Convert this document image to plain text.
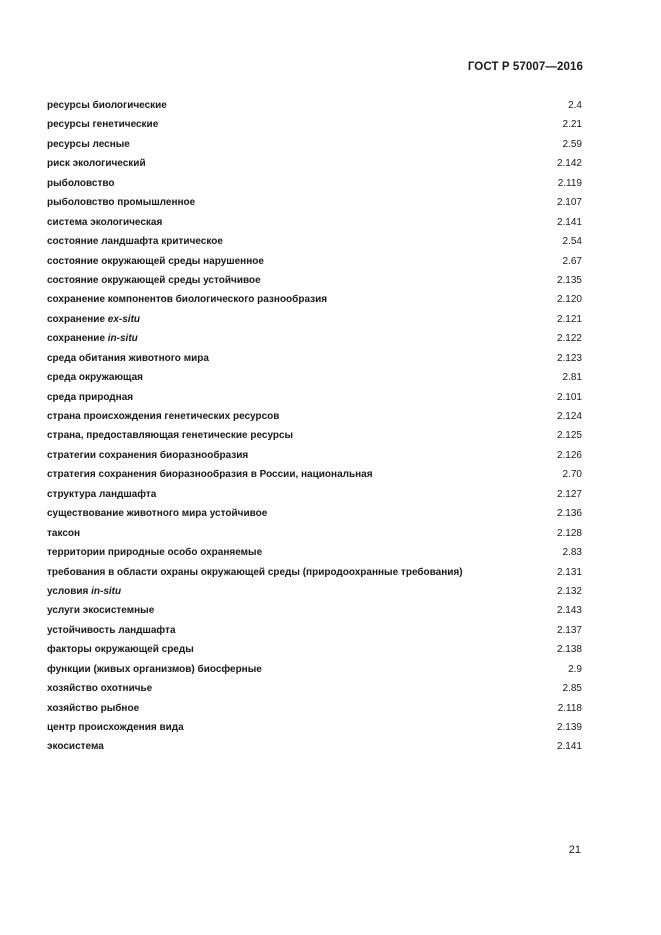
ГОСТ Р 57007—2016
ресурсы биологические	2.4
ресурсы генетические	2.21
ресурсы лесные	2.59
риск экологический	2.142
рыболовство	2.119
рыболовство промышленное	2.107
система экологическая	2.141
состояние ландшафта критическое	2.54
состояние окружающей среды нарушенное	2.67
состояние окружающей среды устойчивое	2.135
сохранение компонентов биологического разнообразия	2.120
сохранение ex-situ	2.121
сохранение in-situ	2.122
среда обитания животного мира	2.123
среда окружающая	2.81
среда природная	2.101
страна происхождения генетических ресурсов	2.124
страна, предоставляющая генетические ресурсы	2.125
стратегии сохранения биоразнообразия	2.126
стратегия сохранения биоразнообразия в России, национальная	2.70
структура ландшафта	2.127
существование животного мира устойчивое	2.136
таксон	2.128
территории природные особо охраняемые	2.83
требования в области охраны окружающей среды (природоохранные требования)	2.131
условия in-situ	2.132
услуги экосистемные	2.143
устойчивость ландшафта	2.137
факторы окружающей среды	2.138
функции (живых организмов) биосферные	2.9
хозяйство охотничье	2.85
хозяйство рыбное	2.118
центр происхождения вида	2.139
экосистема	2.141
21
